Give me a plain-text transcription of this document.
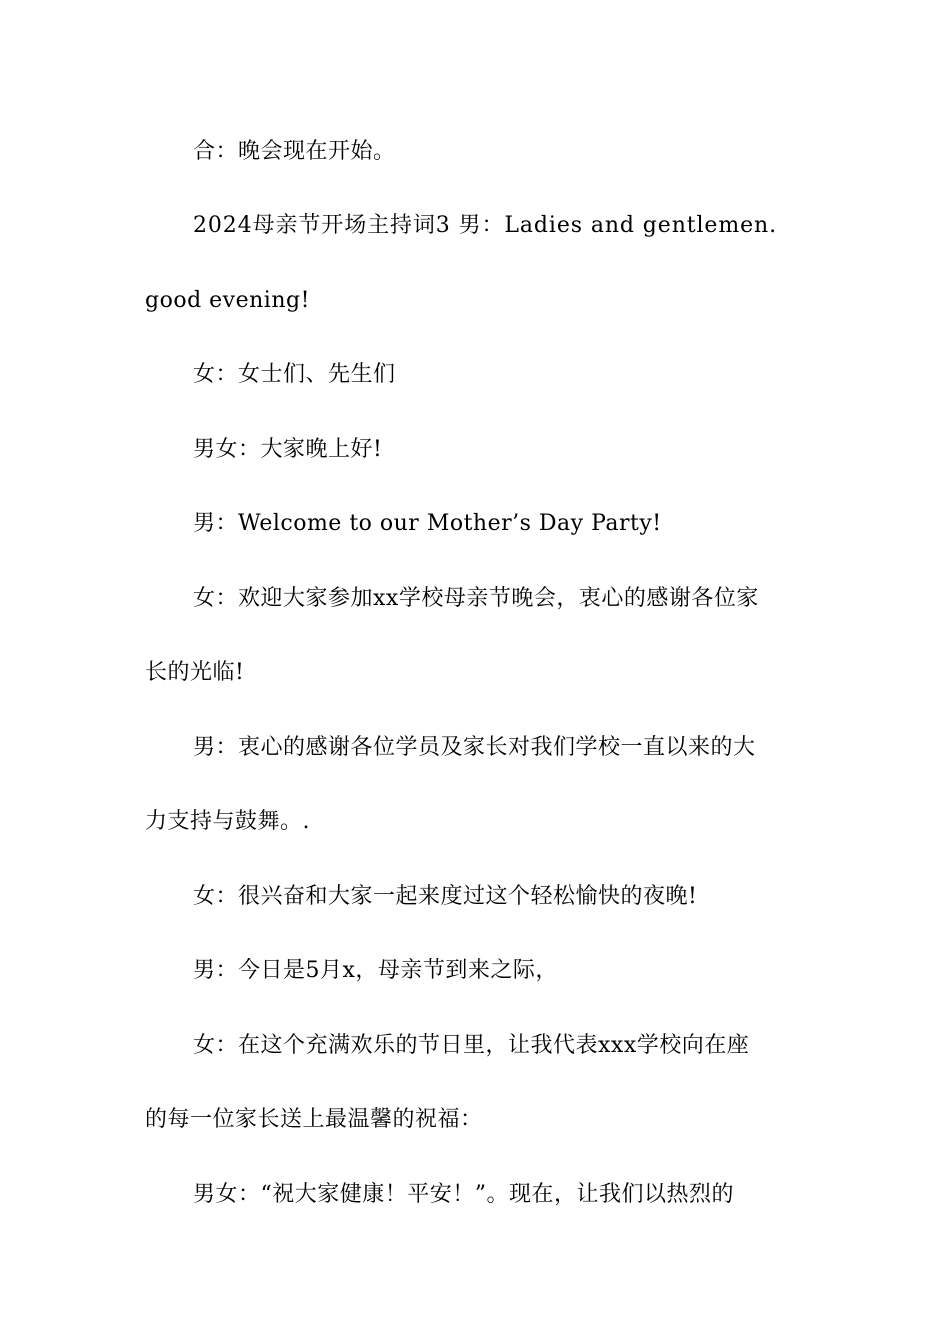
合：晚会现在开始。
2024母亲节开场主持词3 男：Ladies and gentlemen.
good evening!
女：女士们、先生们
男女：大家晚上好!
男：Welcome to our Mother’s Day Party!
女：欢迎大家参加xx学校母亲节晚会，衷心的感谢各位家
长的光临!
男：衷心的感谢各位学员及家长对我们学校一直以来的大
力支持与鼓舞。.
女：很兴奋和大家一起来度过这个轻松愉快的夜晚!
男：今日是5月x，母亲节到来之际，
女：在这个充满欢乐的节日里，让我代表xxx学校向在座
的每一位家长送上最温馨的祝福：
男女：“祝大家健康！平安！”。现在，让我们以热烈的
